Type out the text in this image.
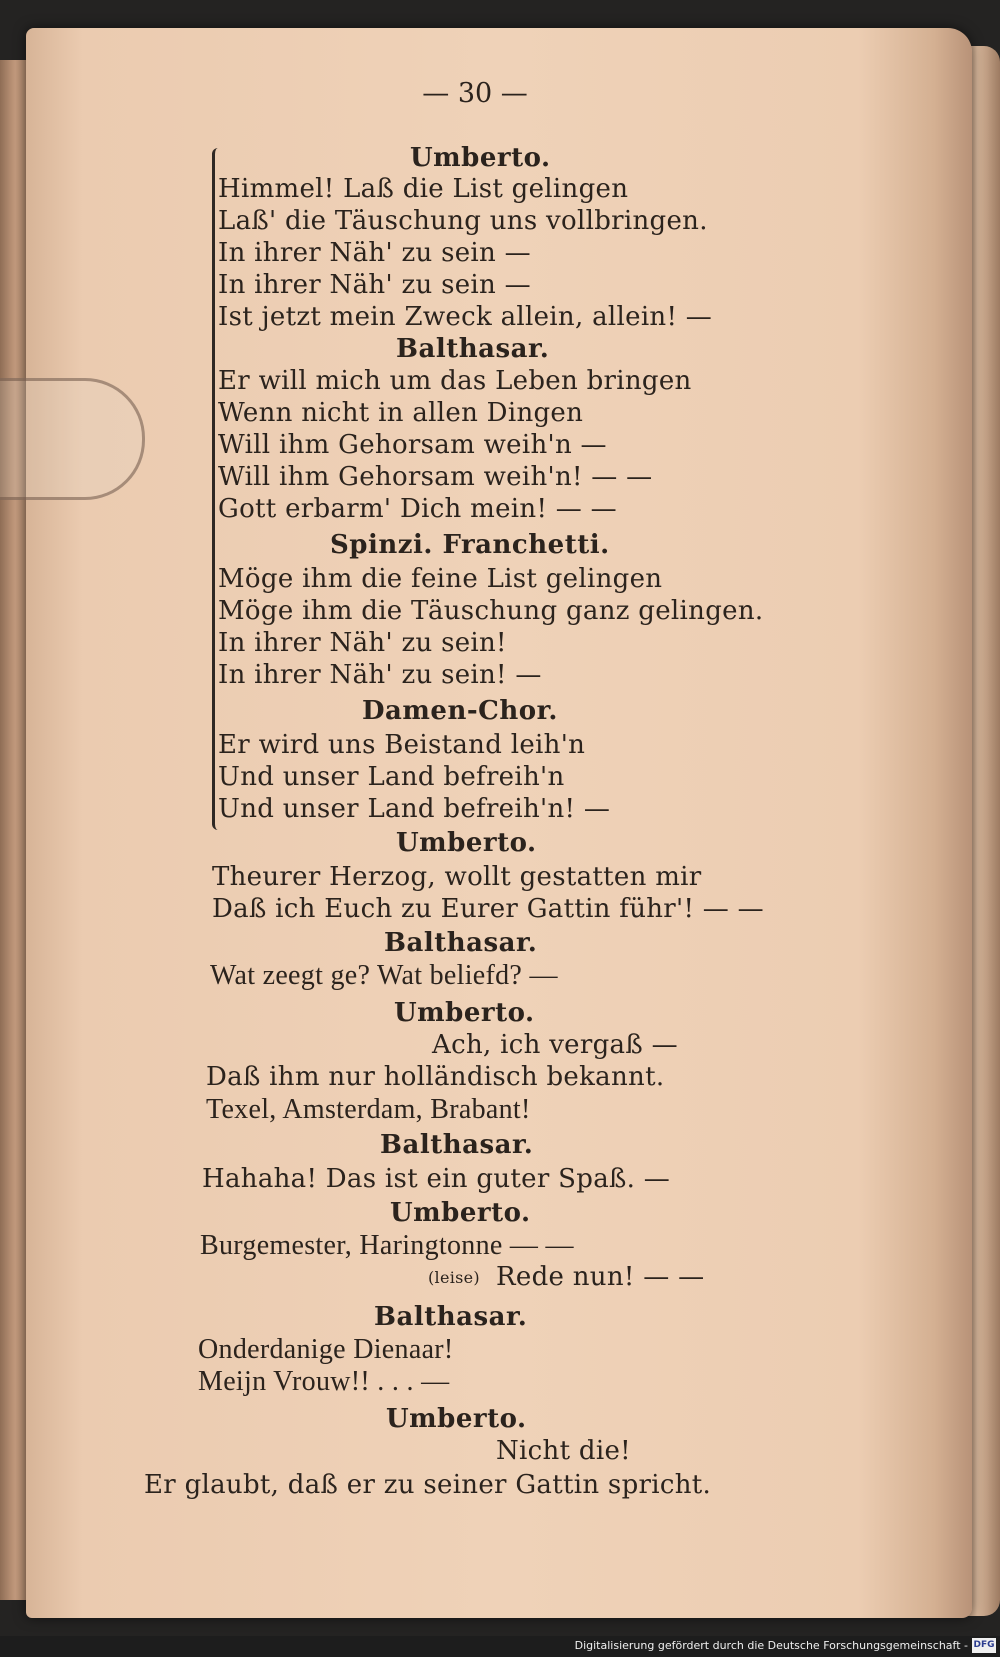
— 30 —
Umberto.
Himmel! Laß die List gelingen
Laß' die Täuschung uns vollbringen.
In ihrer Näh' zu sein —
In ihrer Näh' zu sein —
Ist jetzt mein Zweck allein, allein! —
Balthasar.
Er will mich um das Leben bringen
Wenn nicht in allen Dingen
Will ihm Gehorsam weih'n —
Will ihm Gehorsam weih'n! — —
Gott erbarm' Dich mein! — —
Spinzi. Franchetti.
Möge ihm die feine List gelingen
Möge ihm die Täuschung ganz gelingen.
In ihrer Näh' zu sein!
In ihrer Näh' zu sein! —
Damen-Chor.
Er wird uns Beistand leih'n
Und unser Land befreih'n
Und unser Land befreih'n! —
Umberto.
Theurer Herzog, wollt gestatten mir
Daß ich Euch zu Eurer Gattin führ'! — —
Balthasar.
Wat zeegt ge? Wat beliefd? —
Umberto.
Ach, ich vergaß —
Daß ihm nur holländisch bekannt.
Texel, Amsterdam, Brabant!
Balthasar.
Hahaha! Das ist ein guter Spaß. —
Umberto.
Burgemester, Haringtonne — —
(leise) Rede nun! — —
Balthasar.
Onderdanige Dienaar!
Meijn Vrouw!! . . . —
Umberto.
Nicht die!
Er glaubt, daß er zu seiner Gattin spricht.
Digitalisierung gefördert durch die Deutsche Forschungsgemeinschaft - DFG
